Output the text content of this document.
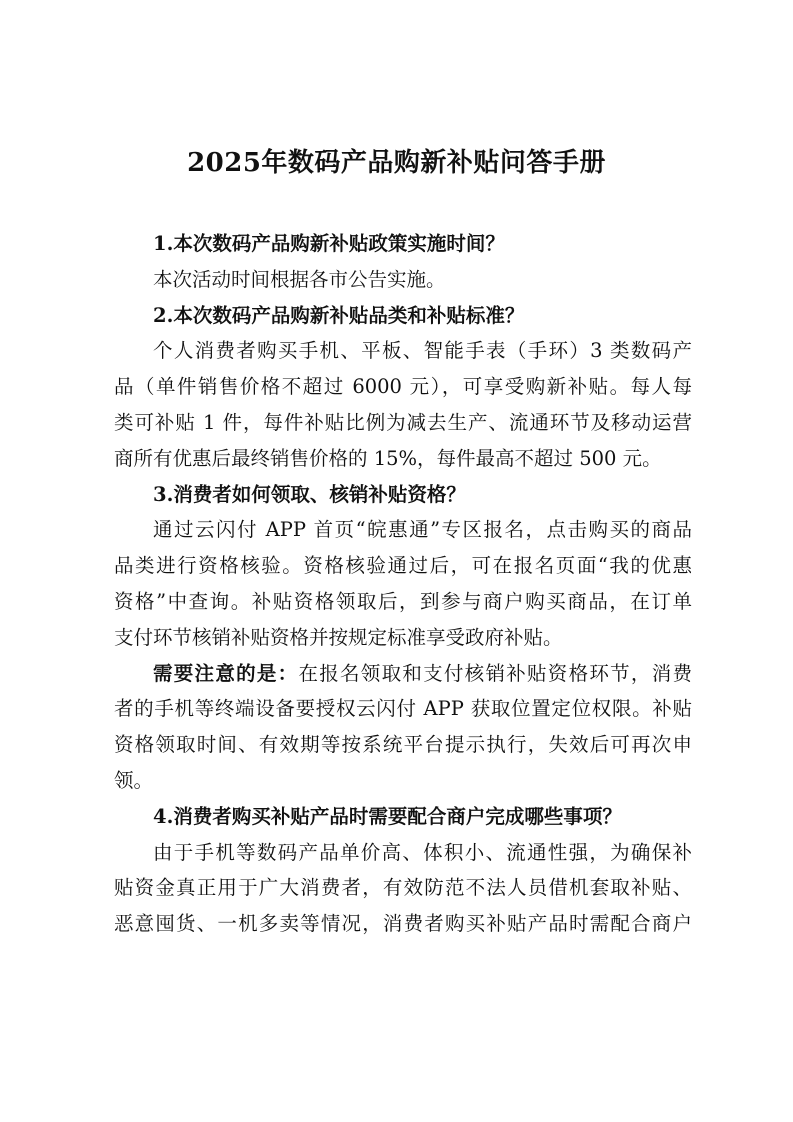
2025年数码产品购新补贴问答手册
1.本次数码产品购新补贴政策实施时间？
本次活动时间根据各市公告实施。
2.本次数码产品购新补贴品类和补贴标准？
个人消费者购买手机、平板、智能手表（手环）3 类数码产
品（单件销售价格不超过 6000 元），可享受购新补贴。每人每
类可补贴 1 件，每件补贴比例为减去生产、流通环节及移动运营
商所有优惠后最终销售价格的 15%，每件最高不超过 500 元。
3.消费者如何领取、核销补贴资格？
通过云闪付 APP 首页“皖惠通”专区报名，点击购买的商品
品类进行资格核验。资格核验通过后，可在报名页面“我的优惠
资格”中查询。补贴资格领取后，到参与商户购买商品，在订单
支付环节核销补贴资格并按规定标准享受政府补贴。
需要注意的是：在报名领取和支付核销补贴资格环节，消费
者的手机等终端设备要授权云闪付 APP 获取位置定位权限。补贴
资格领取时间、有效期等按系统平台提示执行，失效后可再次申
领。
4.消费者购买补贴产品时需要配合商户完成哪些事项？
由于手机等数码产品单价高、体积小、流通性强，为确保补
贴资金真正用于广大消费者，有效防范不法人员借机套取补贴、
恶意囤货、一机多卖等情况，消费者购买补贴产品时需配合商户
